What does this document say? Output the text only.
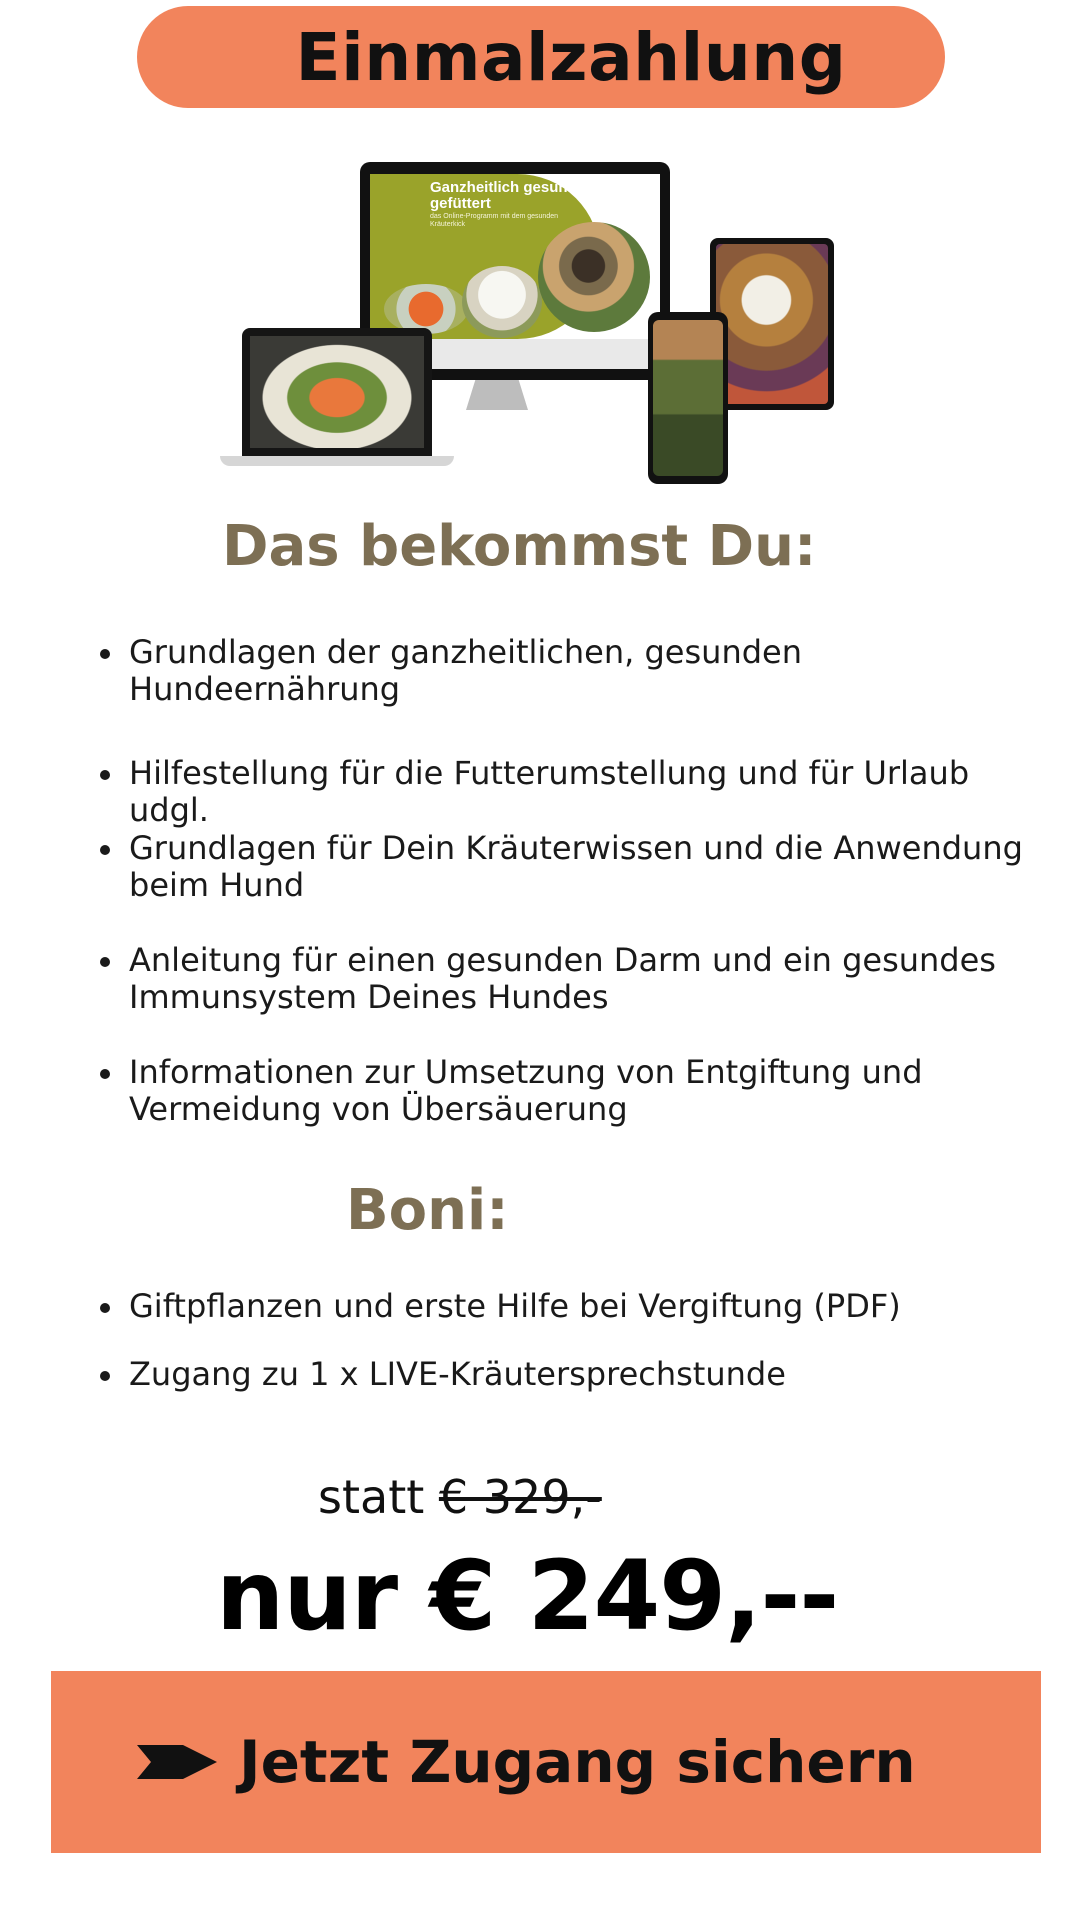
Einmalzahlung
Ganzheitlich gesund gefüttert
das Online-Programm mit dem gesunden Kräuterkick
Das bekommst Du:
Grundlagen der ganzheitlichen, gesunden Hundeernährung
Hilfestellung für die Futterumstellung und für Urlaub udgl.
Grundlagen für Dein Kräuterwissen und die Anwendung beim Hund
Anleitung für einen gesunden Darm und ein gesundes Immunsystem Deines Hundes
Informationen zur Umsetzung von Entgiftung und Vermeidung von Übersäuerung
Boni:
Giftpflanzen und erste Hilfe bei Vergiftung (PDF)
Zugang zu 1 x LIVE-Kräutersprechstunde
statt € 329,-
nur € 249,--
Jetzt Zugang sichern
